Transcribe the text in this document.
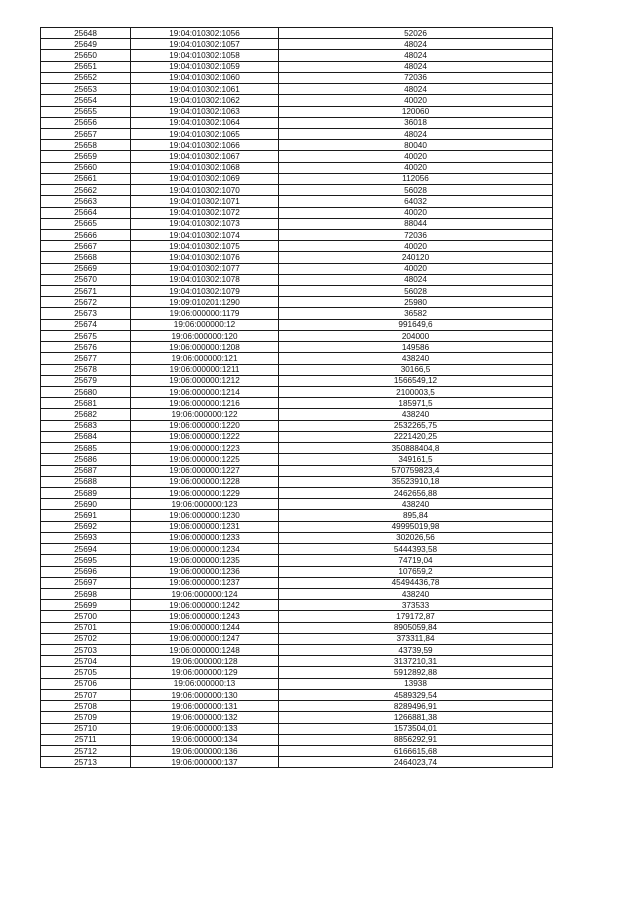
25648	19:04:010302:1056	52026
25649	19:04:010302:1057	48024
25650	19:04:010302:1058	48024
25651	19:04:010302:1059	48024
25652	19:04:010302:1060	72036
25653	19:04:010302:1061	48024
25654	19:04:010302:1062	40020
25655	19:04:010302:1063	120060
25656	19:04:010302:1064	36018
25657	19:04:010302:1065	48024
25658	19:04:010302:1066	80040
25659	19:04:010302:1067	40020
25660	19:04:010302:1068	40020
25661	19:04:010302:1069	112056
25662	19:04:010302:1070	56028
25663	19:04:010302:1071	64032
25664	19:04:010302:1072	40020
25665	19:04:010302:1073	88044
25666	19:04:010302:1074	72036
25667	19:04:010302:1075	40020
25668	19:04:010302:1076	240120
25669	19:04:010302:1077	40020
25670	19:04:010302:1078	48024
25671	19:04:010302:1079	56028
25672	19:09:010201:1290	25980
25673	19:06:000000:1179	36582
25674	19:06:000000:12	991649,6
25675	19:06:000000:120	204000
25676	19:06:000000:1208	149586
25677	19:06:000000:121	438240
25678	19:06:000000:1211	30166,5
25679	19:06:000000:1212	1566549,12
25680	19:06:000000:1214	2100003,5
25681	19:06:000000:1216	185971,5
25682	19:06:000000:122	438240
25683	19:06:000000:1220	2532265,75
25684	19:06:000000:1222	2221420,25
25685	19:06:000000:1223	350888404,8
25686	19:06:000000:1225	349161,5
25687	19:06:000000:1227	570759823,4
25688	19:06:000000:1228	35523910,18
25689	19:06:000000:1229	2462656,88
25690	19:06:000000:123	438240
25691	19:06:000000:1230	895,84
25692	19:06:000000:1231	49995019,98
25693	19:06:000000:1233	302026,56
25694	19:06:000000:1234	5444393,58
25695	19:06:000000:1235	74719,04
25696	19:06:000000:1236	107659,2
25697	19:06:000000:1237	45494436,78
25698	19:06:000000:124	438240
25699	19:06:000000:1242	373533
25700	19:06:000000:1243	179172,87
25701	19:06:000000:1244	8905059,84
25702	19:06:000000:1247	373311,84
25703	19:06:000000:1248	43739,59
25704	19:06:000000:128	3137210,31
25705	19:06:000000:129	5912892,88
25706	19:06:000000:13	13938
25707	19:06:000000:130	4589329,54
25708	19:06:000000:131	8289496,91
25709	19:06:000000:132	1266881,38
25710	19:06:000000:133	1573504,01
25711	19:06:000000:134	8856292,91
25712	19:06:000000:136	6166615,68
25713	19:06:000000:137	2464023,74
